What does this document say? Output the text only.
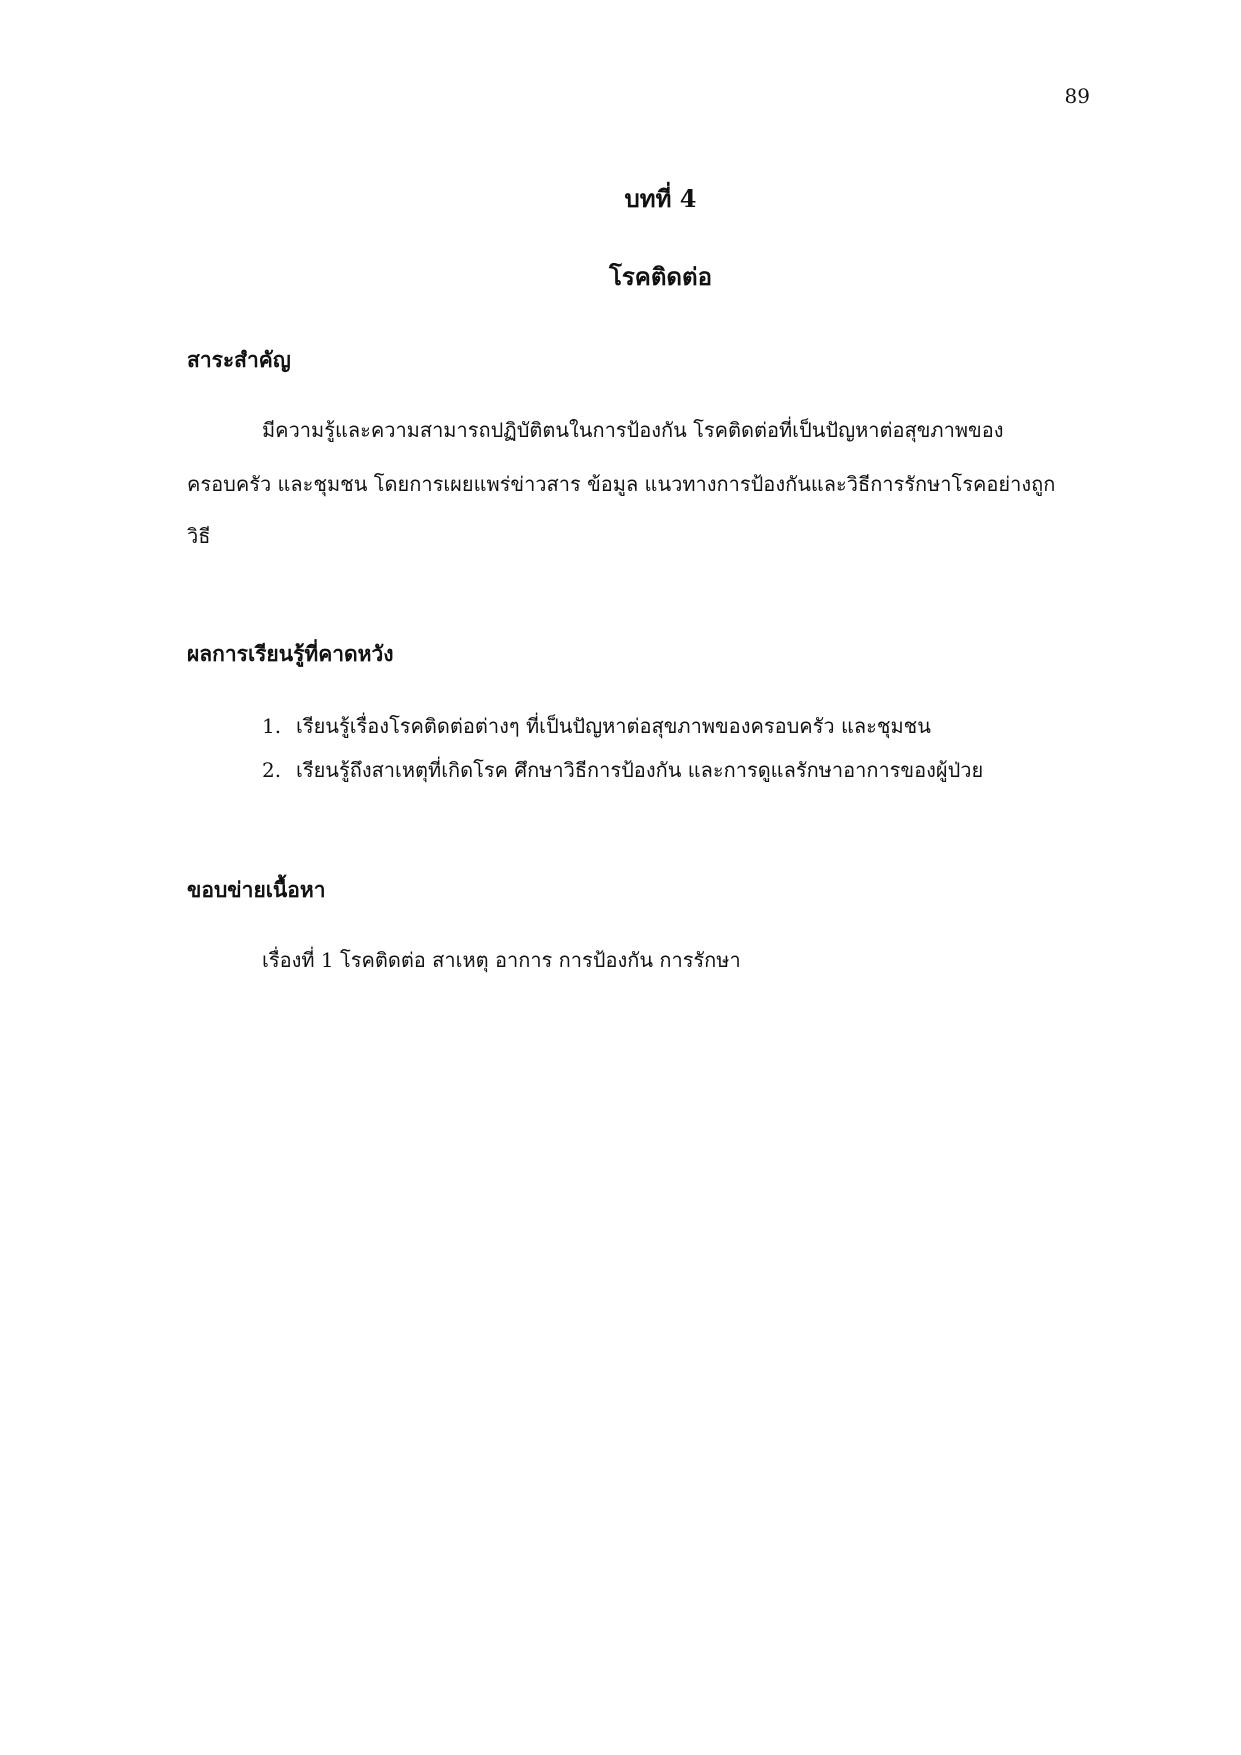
89
บทที่ 4
โรคติดต่อ
สาระสำคัญ
มีความรู้และความสามารถปฏิบัติตนในการป้องกัน โรคติดต่อที่เป็นปัญหาต่อสุขภาพของ
ครอบครัว และชุมชน โดยการเผยแพร่ข่าวสาร ข้อมูล แนวทางการป้องกันและวิธีการรักษาโรคอย่างถูก
วิธี
ผลการเรียนรู้ที่คาดหวัง
1. เรียนรู้เรื่องโรคติดต่อต่างๆ ที่เป็นปัญหาต่อสุขภาพของครอบครัว และชุมชน
2. เรียนรู้ถึงสาเหตุที่เกิดโรค ศึกษาวิธีการป้องกัน และการดูแลรักษาอาการของผู้ป่วย
ขอบข่ายเนื้อหา
เรื่องที่ 1 โรคติดต่อ สาเหตุ อาการ การป้องกัน การรักษา
